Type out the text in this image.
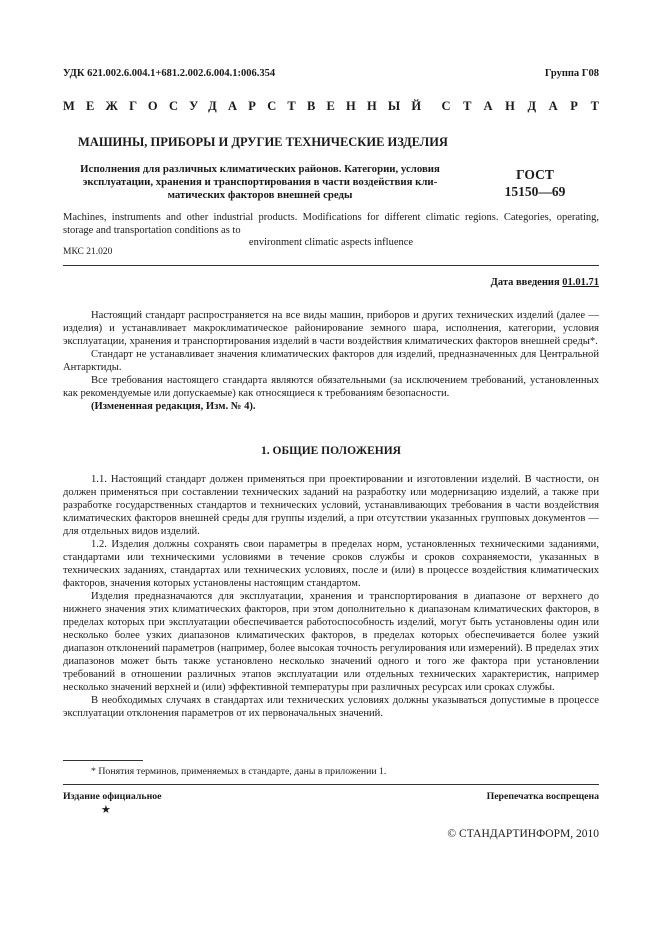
УДК 621.002.6.004.1+681.2.002.6.004.1:006.354	Группа Г08
МЕЖГОСУДАРСТВЕННЫЙ СТАНДАРТ
МАШИНЫ, ПРИБОРЫ И ДРУГИЕ ТЕХНИЧЕСКИЕ ИЗДЕЛИЯ
Исполнения для различных климатических районов. Категории, условия
эксплуатации, хранения и транспортирования в части воздействия кли-
матических факторов внешней среды
ГОСТ
15150—69
Machines, instruments and other industrial products. Modifications for different climatic regions. Categories, operating, storage and transportation conditions as to
environment climatic aspects influence
МКС 21.020
Дата введения 01.01.71

Настоящий стандарт распространяется на все виды машин, приборов и других технических изделий (далее — изделия) и устанавливает макроклиматическое районирование земного шара, исполнения, категории, условия эксплуатации, хранения и транспортирования изделий в части воздействия климатических факторов внешней среды*.

Стандарт не устанавливает значения климатических факторов для изделий, предназначенных для Центральной Антарктиды.

Все требования настоящего стандарта являются обязательными (за исключением требований, установленных как рекомендуемые или допускаемые) как относящиеся к требованиям безопасности.

(Измененная редакция, Изм. № 4).

1. ОБЩИЕ ПОЛОЖЕНИЯ

1.1. Настоящий стандарт должен применяться при проектировании и изготовлении изделий. В частности, он должен применяться при составлении технических заданий на разработку или модернизацию изделий, а также при разработке государственных стандартов и технических условий, устанавливающих требования в части воздействия климатических факторов внешней среды для группы изделий, а при отсутствии указанных групповых документов — для отдельных видов изделий.

1.2. Изделия должны сохранять свои параметры в пределах норм, установленных техническими заданиями, стандартами или техническими условиями в течение сроков службы и сроков сохраняемости, указанных в технических заданиях, стандартах или технических условиях, после и (или) в процессе воздействия климатических факторов, значения которых установлены настоящим стандартом.

Изделия предназначаются для эксплуатации, хранения и транспортирования в диапазоне от верхнего до нижнего значения этих климатических факторов, при этом дополнительно к диапазонам климатических факторов, в пределах которых при эксплуатации обеспечивается работоспособность изделий, могут быть установлены один или несколько более узких диапазонов климатических факторов, в пределах которых обеспечивается более узкий диапазон отклонений параметров (например, более высокая точность регулирования или измерений). В пределах этих диапазонов может быть также установлено несколько значений одного и того же фактора при установлении требований в отношении различных этапов эксплуатации или отдельных технических характеристик, например несколько значений верхней и (или) эффективной температуры при различных ресурсах или сроках службы.

В необходимых случаях в стандартах или технических условиях должны указываться допустимые в процессе эксплуатации отклонения параметров от их первоначальных значений.

* Понятия терминов, применяемых в стандарте, даны в приложении 1.
Издание официальное	Перепечатка воспрещена
★
© СТАНДАРТИНФОРМ, 2010
